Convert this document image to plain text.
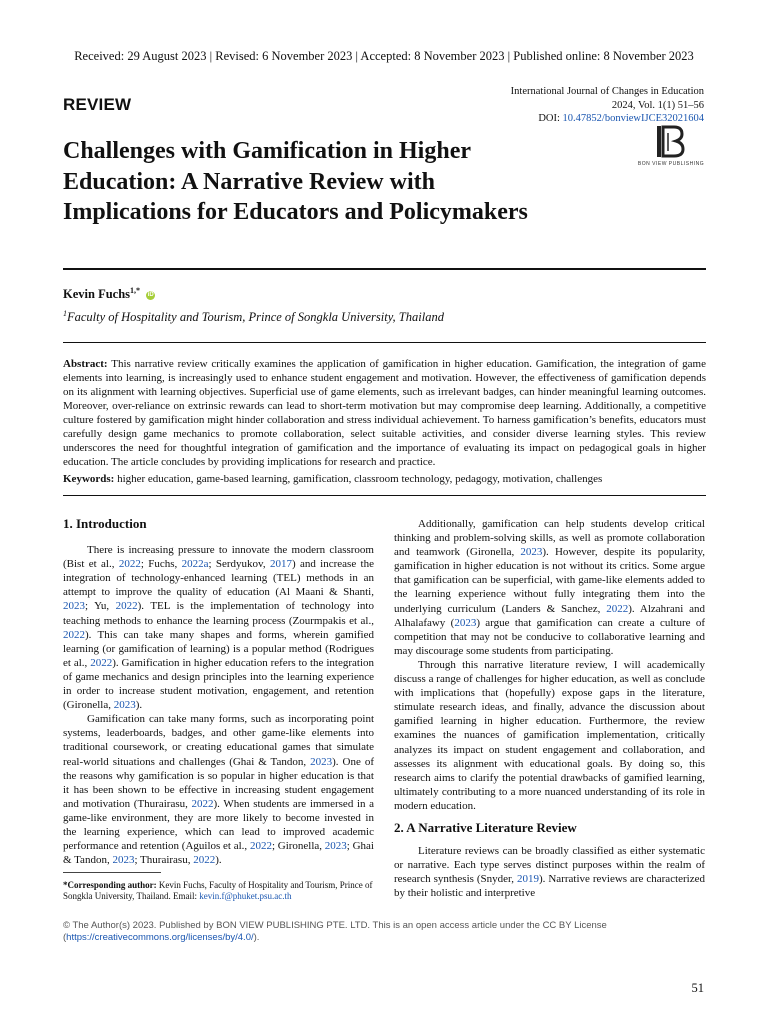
Received: 29 August 2023 | Revised: 6 November 2023 | Accepted: 8 November 2023 | Published online: 8 November 2023
REVIEW
International Journal of Changes in Education
2024, Vol. 1(1) 51–56
DOI: 10.47852/bonviewIJCE32021604
BON VIEW PUBLISHING
Challenges with Gamification in Higher Education: A Narrative Review with Implications for Educators and Policymakers
Kevin Fuchs$^{1,*}$ iD
$^1$Faculty of Hospitality and Tourism, Prince of Songkla University, Thailand
Abstract: This narrative review critically examines the application of gamification in higher education. Gamification, the integration of game elements into learning, is increasingly used to enhance student engagement and motivation. However, the effectiveness of gamification depends on its alignment with learning objectives. Superficial use of game elements, such as irrelevant badges, can hinder meaningful learning outcomes. Moreover, over-reliance on extrinsic rewards can lead to short-term motivation but may compromise deep learning. Additionally, a competitive culture fostered by gamification might hinder collaboration and stress individual achievement. To harness gamification’s benefits, educators must carefully design game mechanics to promote collaboration, select suitable activities, and consider diverse learning styles. This review underscores the need for thoughtful integration of gamification and the importance of evaluating its impact on pedagogical goals in higher education. The article concludes by providing implications for research and practice.
Keywords: higher education, game-based learning, gamification, classroom technology, pedagogy, motivation, challenges

1. Introduction

There is increasing pressure to innovate the modern classroom (Bist et al., 2022; Fuchs, 2022a; Serdyukov, 2017) and increase the integration of technology-enhanced learning (TEL) methods in an attempt to improve the quality of education (Al Maani & Shanti, 2023; Yu, 2022). TEL is the implementation of technology into teaching methods to enhance the learning process (Zourmpakis et al., 2022). This can take many shapes and forms, wherein gamified learning (or gamification of learning) is a popular method (Rodrigues et al., 2022). Gamification in higher education refers to the integration of game mechanics and design principles into the learning experience in order to increase student motivation, engagement, and retention (Gironella, 2023).

Gamification can take many forms, such as incorporating point systems, leaderboards, badges, and other game-like elements into traditional coursework, or creating educational games that simulate real-world situations and challenges (Ghai & Tandon, 2023). One of the reasons why gamification is so popular in higher education is that it has been shown to be effective in increasing student engagement and motivation (Thurairasu, 2022). When students are immersed in a game-like environment, they are more likely to become invested in the learning experience, which can lead to improved academic performance and retention (Aguilos et al., 2022; Gironella, 2023; Ghai & Tandon, 2023; Thurairasu, 2022).

Additionally, gamification can help students develop critical thinking and problem-solving skills, as well as promote collaboration and teamwork (Gironella, 2023). However, despite its popularity, gamification in higher education is not without its critics. Some argue that gamification can be superficial, with game-like elements added to the learning experience without fully integrating them into the underlying curriculum (Landers & Sanchez, 2022). Alzahrani and Alhalafawy (2023) argue that gamification can create a culture of competition that may not be conducive to collaborative learning and may discourage some students from participating.

Through this narrative literature review, I will academically discuss a range of challenges for higher education, as well as conclude with implications that (hopefully) expose gaps in the literature, stimulate research ideas, and finally, advance the discussion about gamified learning in higher education. Furthermore, the review examines the nuances of gamification implementation, critically analyzes its impact on student engagement and collaboration, and assesses its alignment with educational goals. By doing so, this research aims to clarify the potential drawbacks of gamified learning, ultimately contributing to a more nuanced understanding of its role in modern education.

2. A Narrative Literature Review

Literature reviews can be broadly classified as either systematic or narrative. Each type serves distinct purposes within the realm of research synthesis (Snyder, 2019). Narrative reviews are characterized by their holistic and interpretive

*Corresponding author: Kevin Fuchs, Faculty of Hospitality and Tourism, Prince of Songkla University, Thailand. Email: kevin.f@phuket.psu.ac.th
© The Author(s) 2023. Published by BON VIEW PUBLISHING PTE. LTD. This is an open access article under the CC BY License (https://creativecommons.org/licenses/by/4.0/).
51
